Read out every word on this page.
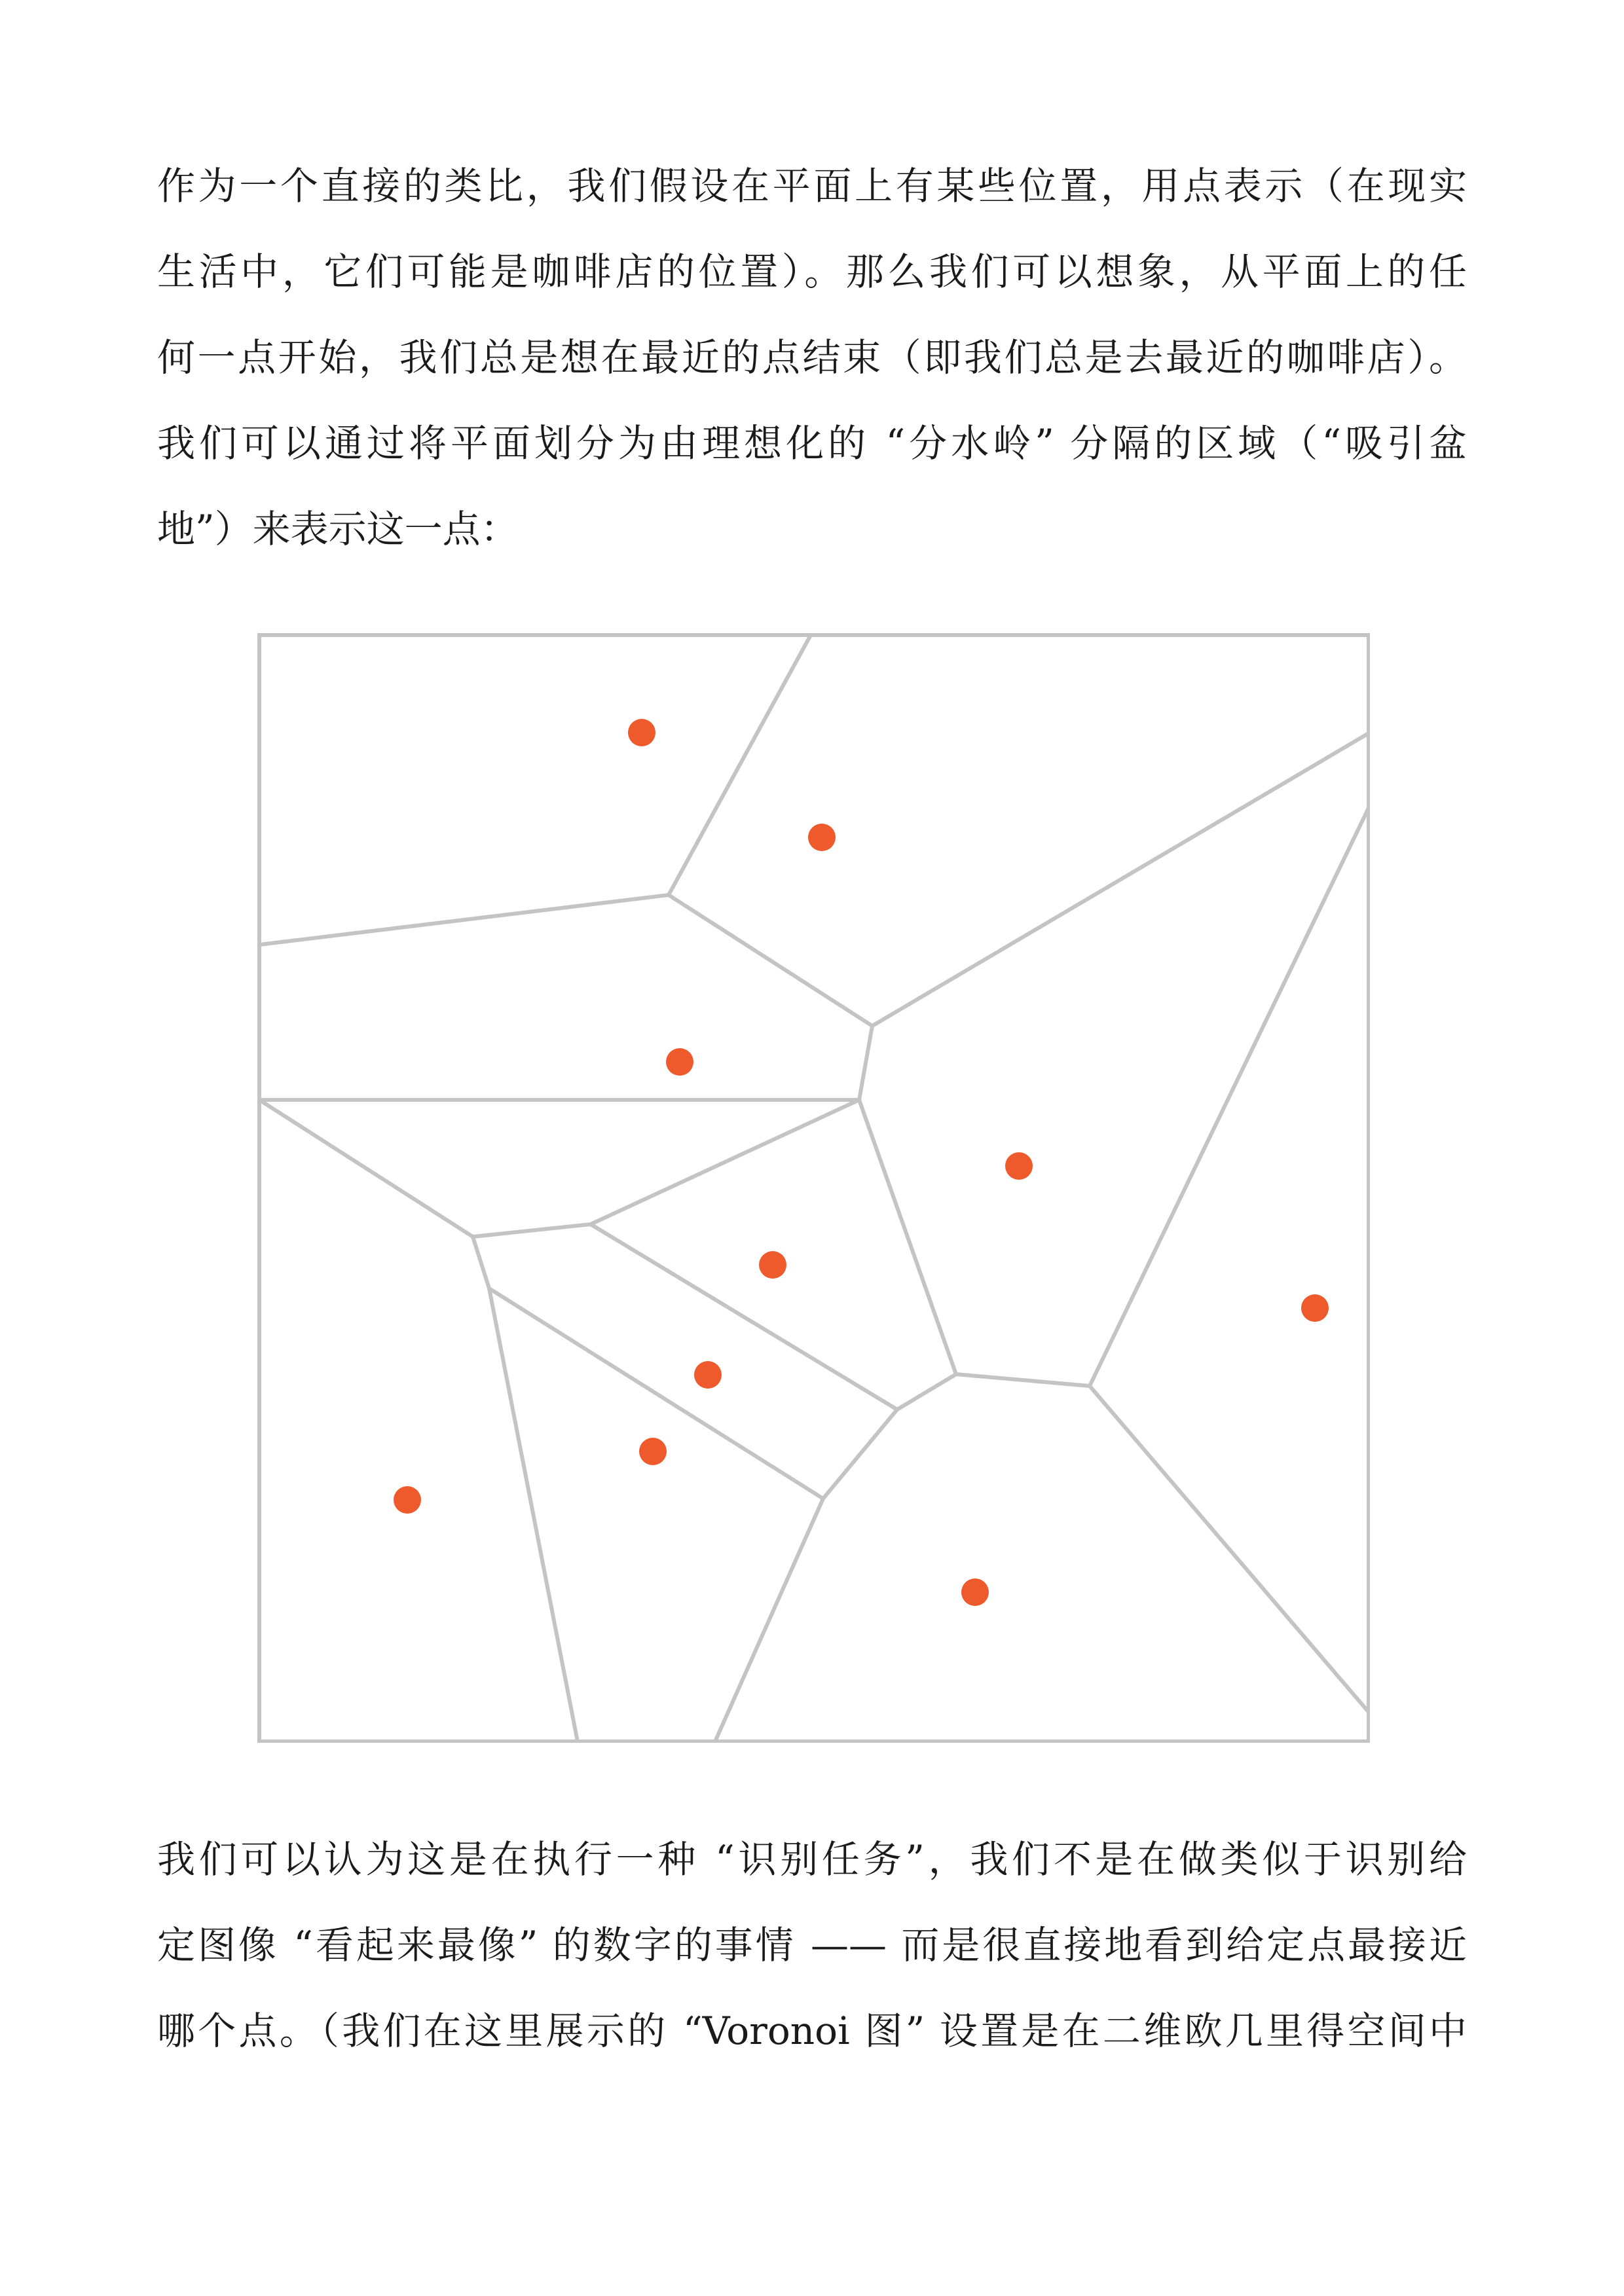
作为一个直接的类比，我们假设在平面上有某些位置，用点表示（在现实
生活中，它们可能是咖啡店的位置）。那么我们可以想象，从平面上的任
何一点开始，我们总是想在最近的点结束（即我们总是去最近的咖啡店）。
我们可以通过将平面划分为由理想化的 “分水岭” 分隔的区域（“吸引盆
地”）来表示这一点：

我们可以认为这是在执行一种 “识别任务”，我们不是在做类似于识别给
定图像 “看起来最像” 的数字的事情 —— 而是很直接地看到给定点最接近
哪个点。（我们在这里展示的 “Voronoi 图” 设置是在二维欧几里得空间中
